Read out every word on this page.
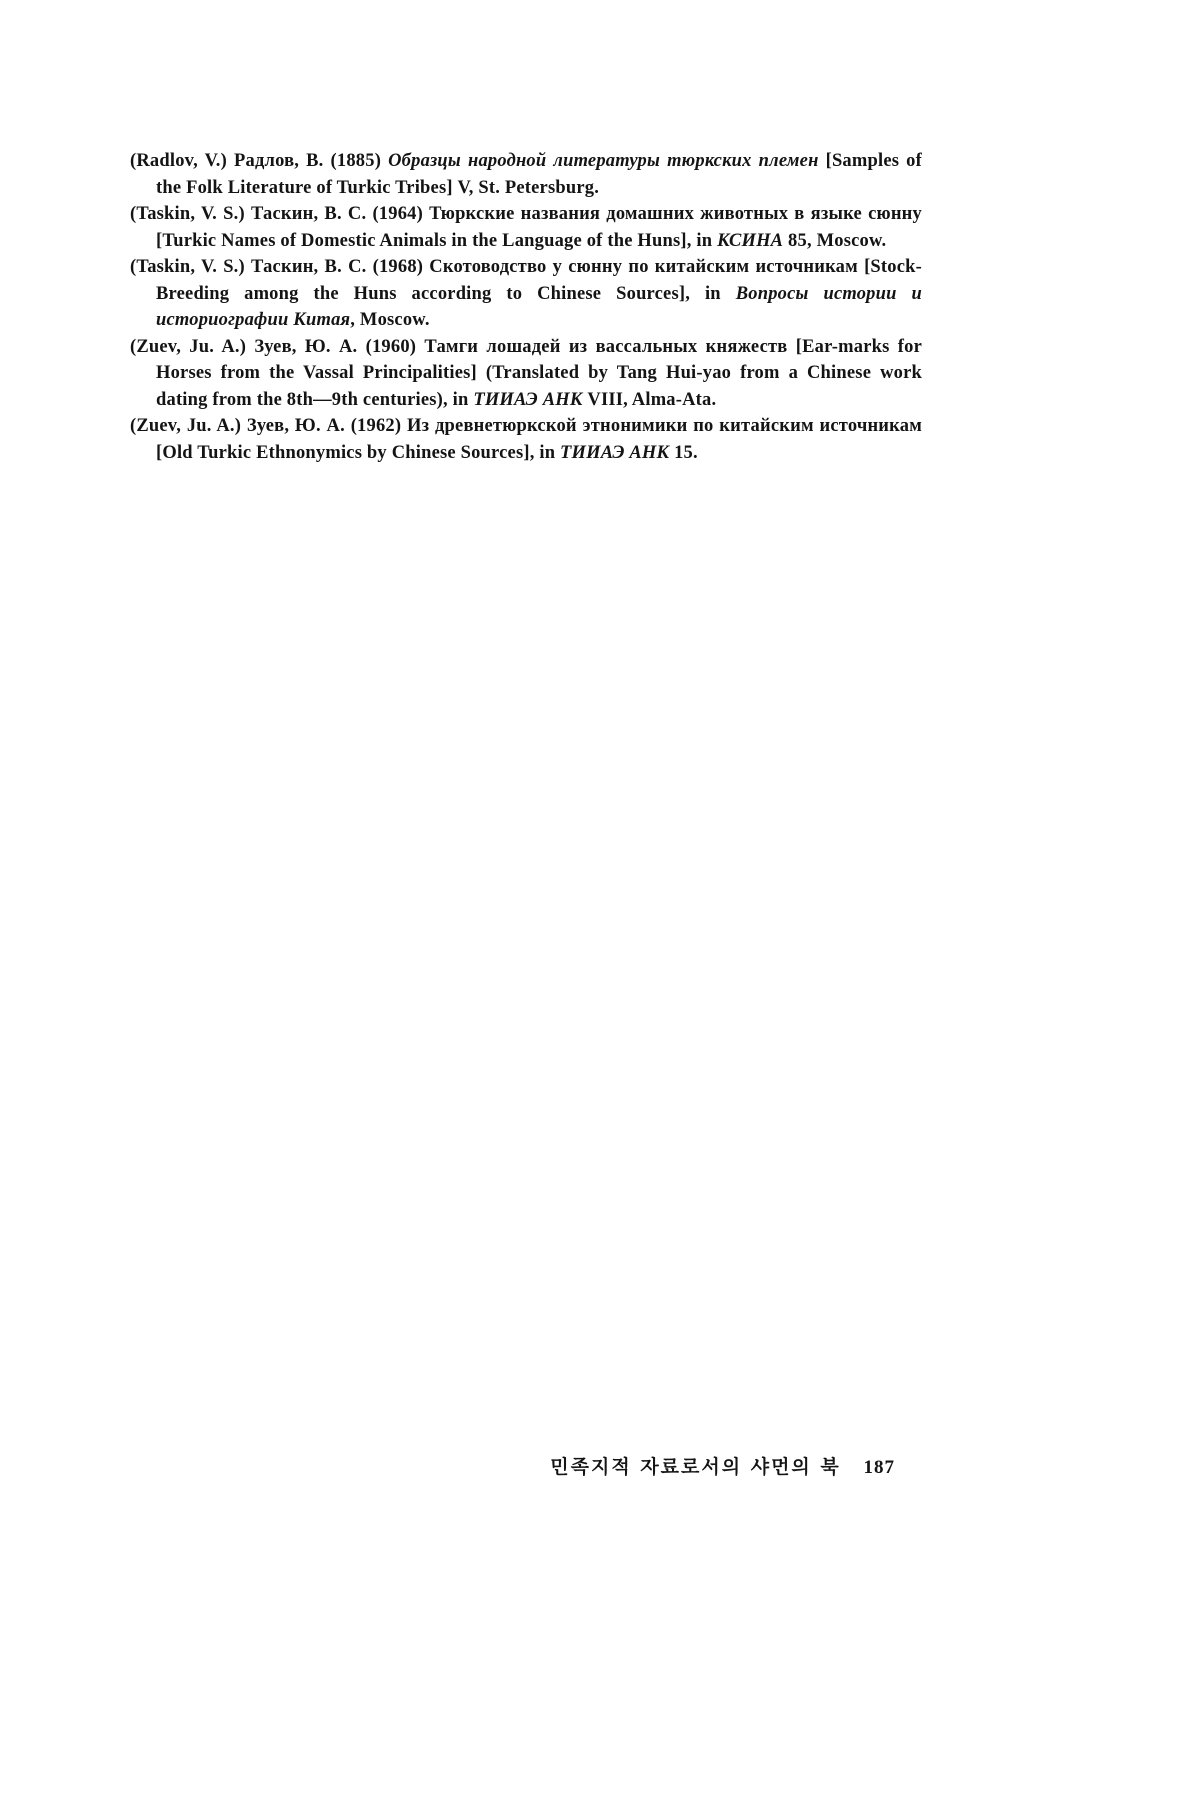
(Radlov, V.) Радлов, В. (1885) Образцы народной литературы тюркских племен [Samples of the Folk Literature of Turkic Tribes] V, St. Petersburg.
(Taskin, V. S.) Таскин, В. С. (1964) Тюркские названия домашних животных в языке сюнну [Turkic Names of Domestic Animals in the Language of the Huns], in КСИНА 85, Moscow.
(Taskin, V. S.) Таскин, В. С. (1968) Скотоводство у сюнну по китайским источникам [Stock-Breeding among the Huns according to Chinese Sources], in Вопросы истории и историографии Китая, Moscow.
(Zuev, Ju. A.) Зуев, Ю. А. (1960) Тамги лошадей из вассальных княжеств [Ear-marks for Horses from the Vassal Principalities] (Translated by Tang Hui-yao from a Chinese work dating from the 8th—9th centuries), in ТИИАЭ АНК VIII, Alma-Ata.
(Zuev, Ju. A.) Зуев, Ю. А. (1962) Из древнетюркской этнонимики по китайским источникам [Old Turkic Ethnonymics by Chinese Sources], in ТИИАЭ АНК 15.
민족지적 자료로서의 샤먼의 북 187
